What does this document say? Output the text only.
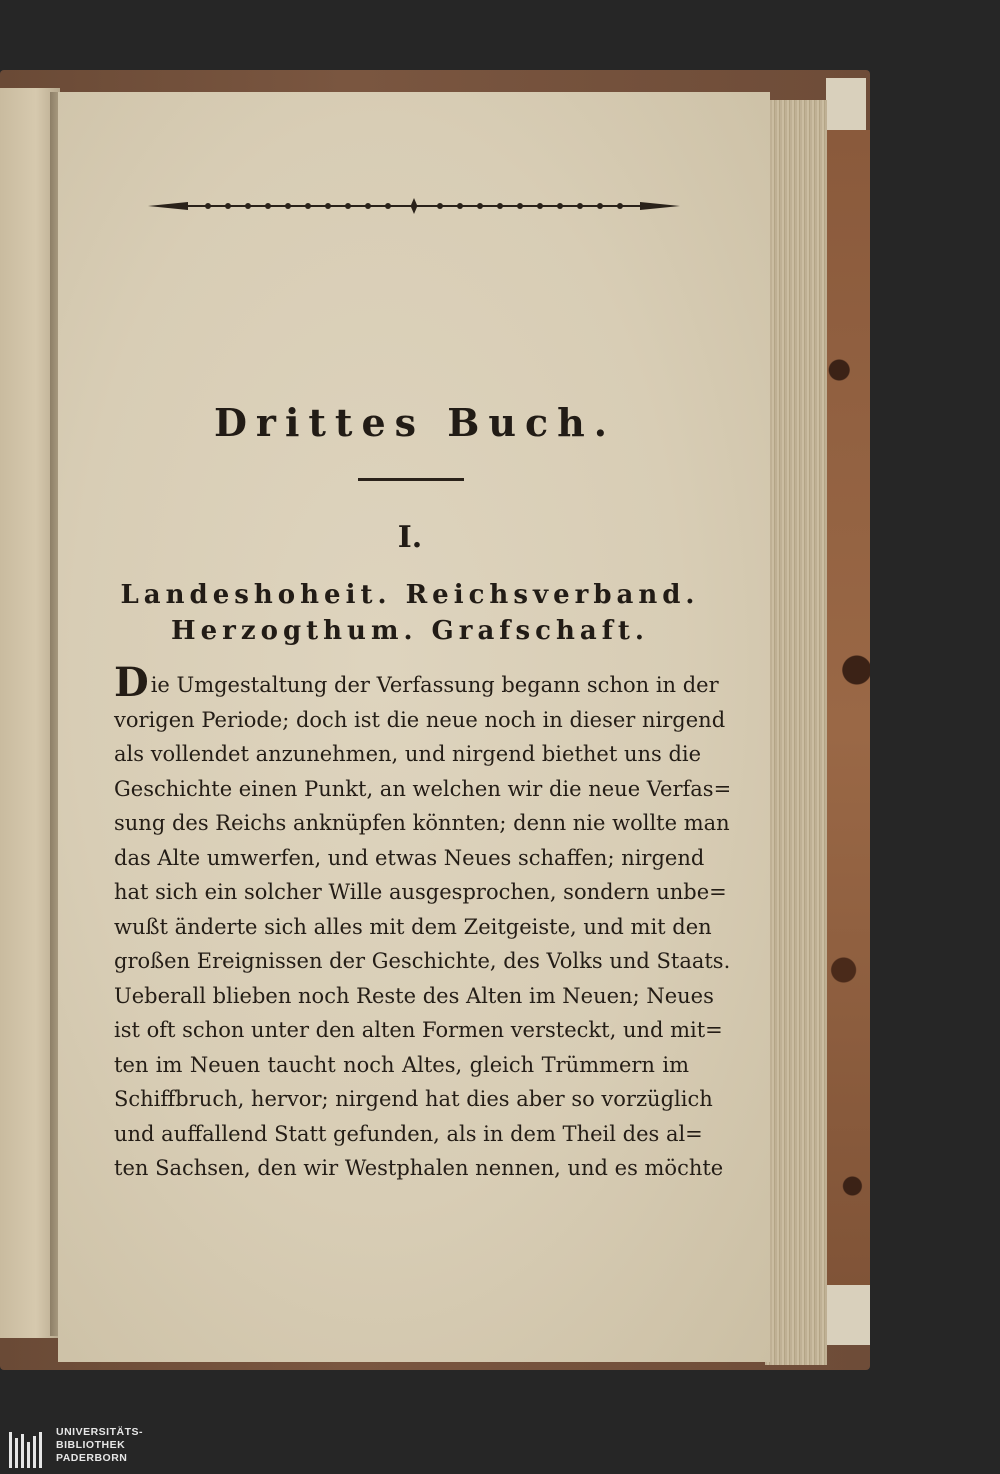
Drittes Buch.
I.
Landeshoheit. Reichsverband.
Herzogthum. Grafschaft.
Die Umgestaltung der Verfassung begann schon in der
vorigen Periode; doch ist die neue noch in dieser nirgend
als vollendet anzunehmen, und nirgend biethet uns die
Geschichte einen Punkt, an welchen wir die neue Verfas=
sung des Reichs anknüpfen könnten; denn nie wollte man
das Alte umwerfen, und etwas Neues schaffen; nirgend
hat sich ein solcher Wille ausgesprochen, sondern unbe=
wußt änderte sich alles mit dem Zeitgeiste, und mit den
großen Ereignissen der Geschichte, des Volks und Staats.
Ueberall blieben noch Reste des Alten im Neuen; Neues
ist oft schon unter den alten Formen versteckt, und mit=
ten im Neuen taucht noch Altes, gleich Trümmern im
Schiffbruch, hervor; nirgend hat dies aber so vorzüglich
und auffallend Statt gefunden, als in dem Theil des al=
ten Sachsen, den wir Westphalen nennen, und es möchte
UNIVERSITÄTS-
BIBLIOTHEK
PADERBORN
